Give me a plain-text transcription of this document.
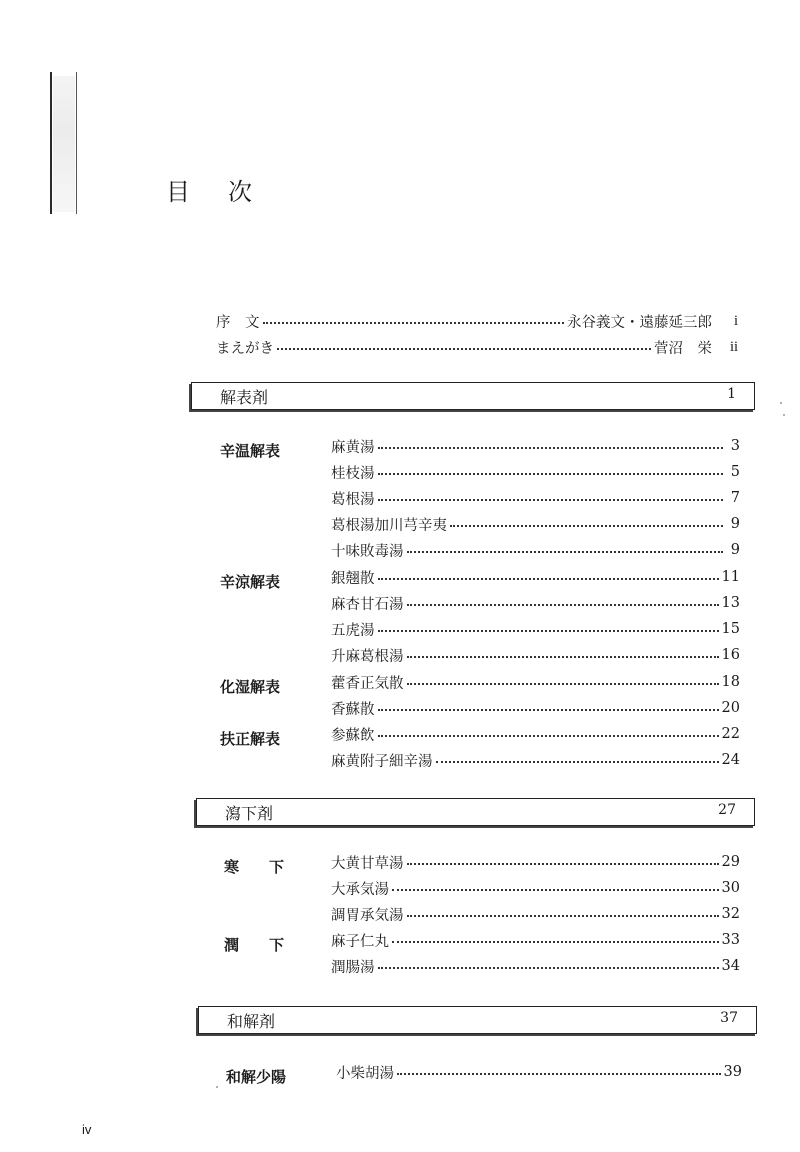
目 次
序　文	永谷義文・遠藤延三郎	i
まえがき	菅沼　栄	ii
解表剤	1
辛温解表	麻黄湯	3
桂枝湯	5
葛根湯	7
葛根湯加川芎辛夷	9
十味敗毒湯	9
辛涼解表	銀翹散	11
麻杏甘石湯	13
五虎湯	15
升麻葛根湯	16
化湿解表	藿香正気散	18
香蘇散	20
扶正解表	参蘇飲	22
麻黄附子細辛湯	24
瀉下剤	27
寒　　下	大黄甘草湯	29
大承気湯	30
調胃承気湯	32
潤　　下	麻子仁丸	33
潤腸湯	34
和解剤	37
和解少陽	小柴胡湯	39
iv
